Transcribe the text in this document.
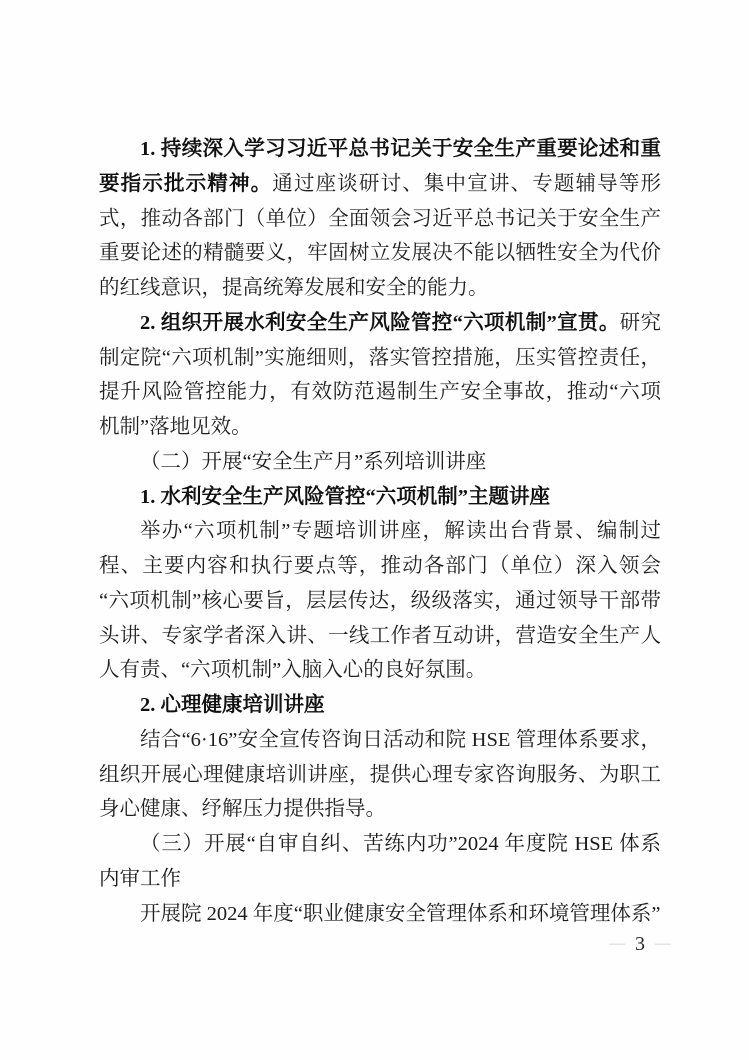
1. 持续深入学习习近平总书记关于安全生产重要论述和重要指示批示精神。通过座谈研讨、集中宣讲、专题辅导等形式，推动各部门（单位）全面领会习近平总书记关于安全生产重要论述的精髓要义，牢固树立发展决不能以牺牲安全为代价的红线意识，提高统筹发展和安全的能力。

2. 组织开展水利安全生产风险管控“六项机制”宣贯。研究制定院“六项机制”实施细则，落实管控措施，压实管控责任，提升风险管控能力，有效防范遏制生产安全事故，推动“六项机制”落地见效。

（二）开展“安全生产月”系列培训讲座

1. 水利安全生产风险管控“六项机制”主题讲座

举办“六项机制”专题培训讲座，解读出台背景、编制过程、主要内容和执行要点等，推动各部门（单位）深入领会“六项机制”核心要旨，层层传达，级级落实，通过领导干部带头讲、专家学者深入讲、一线工作者互动讲，营造安全生产人人有责、“六项机制”入脑入心的良好氛围。

2. 心理健康培训讲座

结合“6·16”安全宣传咨询日活动和院 HSE 管理体系要求，组织开展心理健康培训讲座，提供心理专家咨询服务、为职工身心健康、纾解压力提供指导。

（三）开展“自审自纠、苦练内功”2024 年度院 HSE 体系内审工作

开展院 2024 年度“职业健康安全管理体系和环境管理体系”

— 3 —
